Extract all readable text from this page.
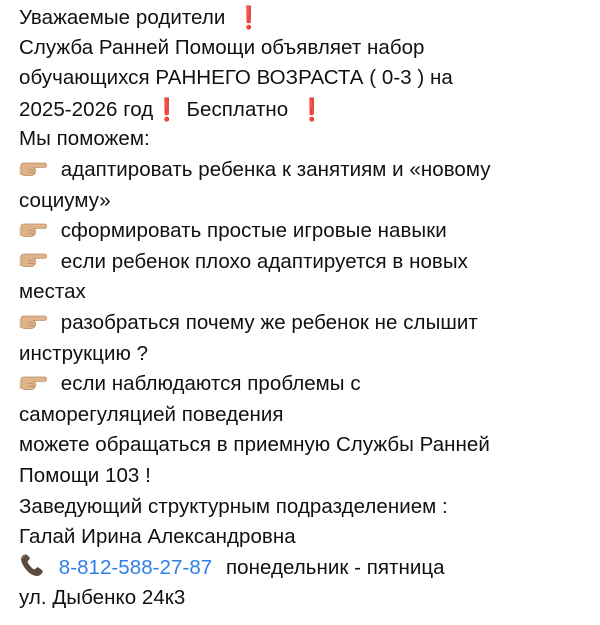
Уважаемые родители ❗
Служба Ранней Помощи объявляет набор
обучающихся РАННЕГО ВОЗРАСТА ( 0-3 ) на
2025-2026 год❗ Бесплатно ❗
Мы поможем:
адаптировать ребенка к занятиям и «новому
социуму»
сформировать простые игровые навыки
если ребенок плохо адаптируется в новых
местах
разобраться почему же ребенок не слышит
инструкцию ?
если наблюдаются проблемы с
саморегуляцией поведения
можете обращаться в приемную Службы Ранней
Помощи 103 !
Заведующий структурным подразделением :
Галай Ирина Александровна
8-812-588-27-87 понедельник - пятница
ул. Дыбенко 24к3
